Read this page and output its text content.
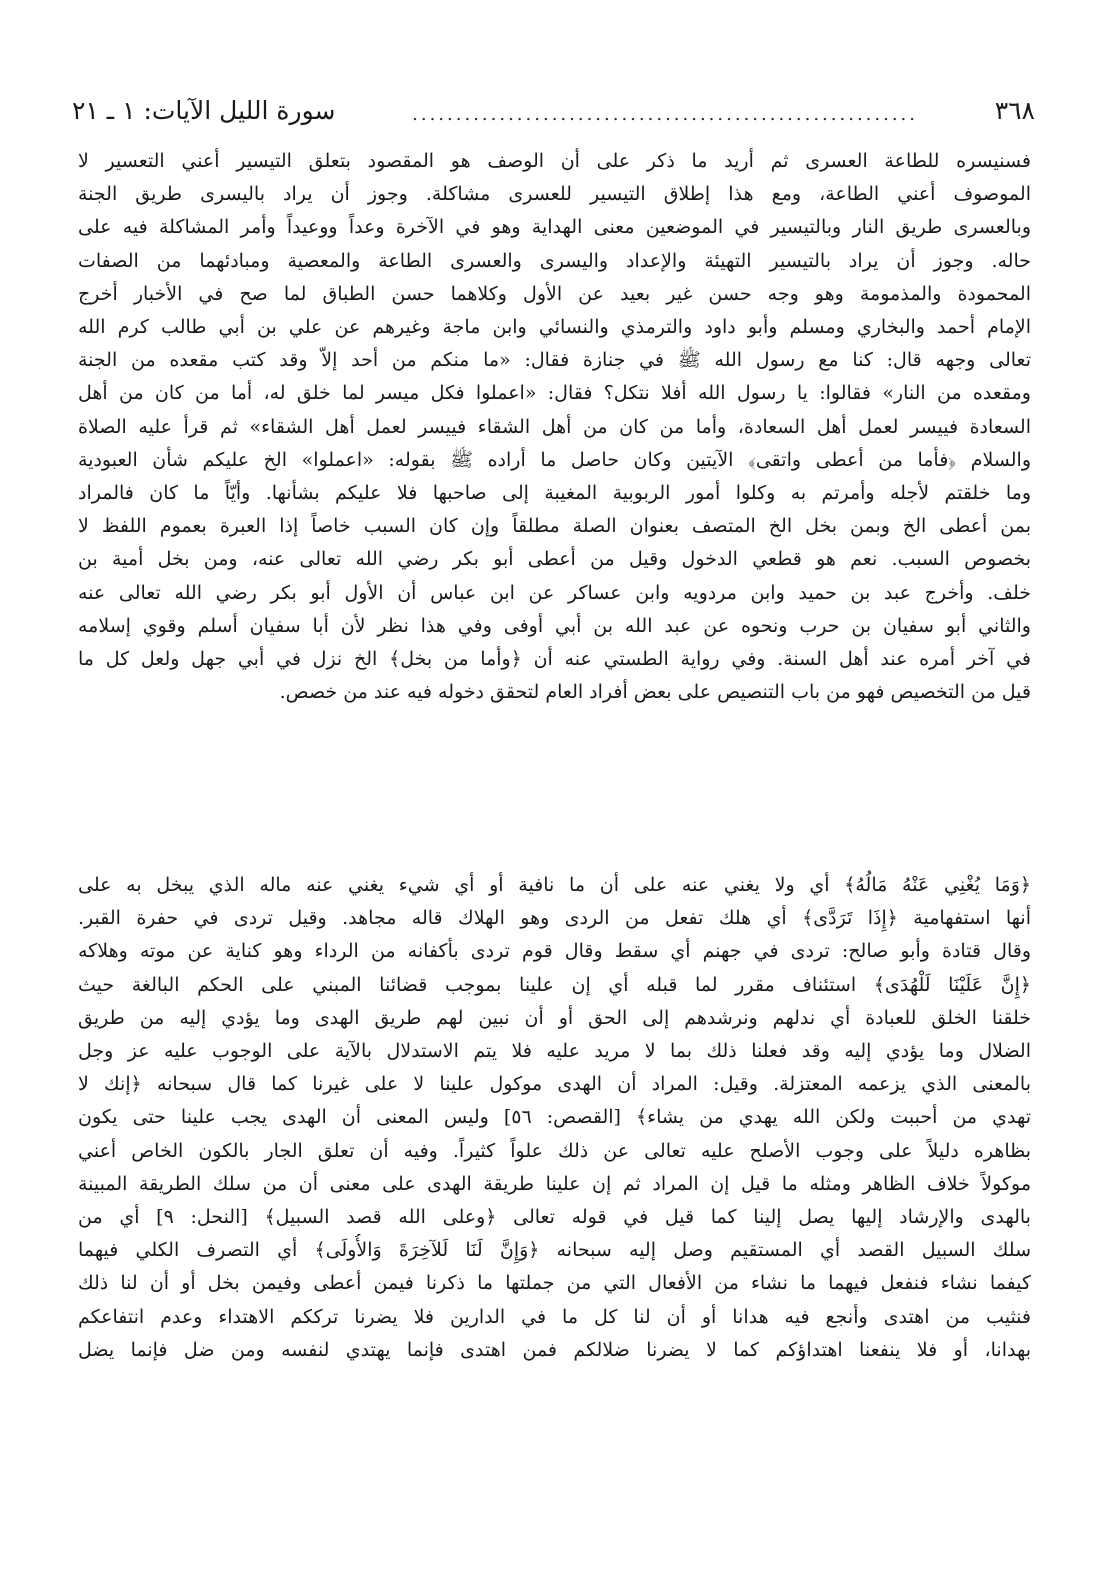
٣٦٨
..........................................................
سورة الليل الآيات: ١ ـ ٢١
فسنيسره للطاعة العسرى ثم أريد ما ذكر على أن الوصف هو المقصود بتعلق التيسير أعني التعسير لا
الموصوف أعني الطاعة، ومع هذا إطلاق التيسير للعسرى مشاكلة. وجوز أن يراد باليسرى طريق الجنة
وبالعسرى طريق النار وبالتيسير في الموضعين معنى الهداية وهو في الآخرة وعداً ووعيداً وأمر المشاكلة فيه على
حاله. وجوز أن يراد بالتيسير التهيئة والإعداد واليسرى والعسرى الطاعة والمعصية ومبادئهما من الصفات
المحمودة والمذمومة وهو وجه حسن غير بعيد عن الأول وكلاهما حسن الطباق لما صح في الأخبار أخرج
الإمام أحمد والبخاري ومسلم وأبو داود والترمذي والنسائي وابن ماجة وغيرهم عن علي بن أبي طالب كرم الله
تعالى وجهه قال: كنا مع رسول الله ﷺ في جنازة فقال: «ما منكم من أحد إلاّ وقد كتب مقعده من الجنة
ومقعده من النار» فقالوا: يا رسول الله أفلا نتكل؟ فقال: «اعملوا فكل ميسر لما خلق له، أما من كان من أهل
السعادة فييسر لعمل أهل السعادة، وأما من كان من أهل الشقاء فييسر لعمل أهل الشقاء» ثم قرأ عليه الصلاة
والسلام ﴿فأما من أعطى واتقى﴾ الآيتين وكان حاصل ما أراده ﷺ بقوله: «اعملوا» الخ عليكم شأن العبودية
وما خلقتم لأجله وأمرتم به وكلوا أمور الربوبية المغيبة إلى صاحبها فلا عليكم بشأنها. وأيّاً ما كان فالمراد
بمن أعطى الخ وبمن بخل الخ المتصف بعنوان الصلة مطلقاً وإن كان السبب خاصاً إذا العبرة بعموم اللفظ لا
بخصوص السبب. نعم هو قطعي الدخول وقيل من أعطى أبو بكر رضي الله تعالى عنه، ومن بخل أمية بن
خلف. وأخرج عبد بن حميد وابن مردويه وابن عساكر عن ابن عباس أن الأول أبو بكر رضي الله تعالى عنه
والثاني أبو سفيان بن حرب ونحوه عن عبد الله بن أبي أوفى وفي هذا نظر لأن أبا سفيان أسلم وقوي إسلامه
في آخر أمره عند أهل السنة. وفي رواية الطستي عنه أن ﴿وأما من بخل﴾ الخ نزل في أبي جهل ولعل كل ما
قيل من التخصيص فهو من باب التنصيص على بعض أفراد العام لتحقق دخوله فيه عند من خصص.
﴿وَمَا يُغْنِي عَنْهُ مَالُهُ﴾ أي ولا يغني عنه على أن ما نافية أو أي شيء يغني عنه ماله الذي يبخل به على
أنها استفهامية ﴿إِذَا تَرَدَّى﴾ أي هلك تفعل من الردى وهو الهلاك قاله مجاهد. وقيل تردى في حفرة القبر.
وقال قتادة وأبو صالح: تردى في جهنم أي سقط وقال قوم تردى بأكفانه من الرداء وهو كناية عن موته وهلاكه
﴿إِنَّ عَلَيْنَا لَلْهُدَى﴾ استئناف مقرر لما قبله أي إن علينا بموجب قضائنا المبني على الحكم البالغة حيث
خلقنا الخلق للعبادة أي ندلهم ونرشدهم إلى الحق أو أن نبين لهم طريق الهدى وما يؤدي إليه من طريق
الضلال وما يؤدي إليه وقد فعلنا ذلك بما لا مريد عليه فلا يتم الاستدلال بالآية على الوجوب عليه عز وجل
بالمعنى الذي يزعمه المعتزلة. وقيل: المراد أن الهدى موكول علينا لا على غيرنا كما قال سبحانه ﴿إنك لا
تهدي من أحببت ولكن الله يهدي من يشاء﴾ [القصص: ٥٦] وليس المعنى أن الهدى يجب علينا حتى يكون
بظاهره دليلاً على وجوب الأصلح عليه تعالى عن ذلك علواً كثيراً. وفيه أن تعلق الجار بالكون الخاص أعني
موكولاً خلاف الظاهر ومثله ما قيل إن المراد ثم إن علينا طريقة الهدى على معنى أن من سلك الطريقة المبينة
بالهدى والإرشاد إليها يصل إلينا كما قيل في قوله تعالى ﴿وعلى الله قصد السبيل﴾ [النحل: ٩] أي من
سلك السبيل القصد أي المستقيم وصل إليه سبحانه ﴿وَإِنَّ لَنَا لَلآخِرَةَ وَالأُولَى﴾ أي التصرف الكلي فيهما
كيفما نشاء فنفعل فيهما ما نشاء من الأفعال التي من جملتها ما ذكرنا فيمن أعطى وفيمن بخل أو أن لنا ذلك
فنثيب من اهتدى وأنجع فيه هدانا أو أن لنا كل ما في الدارين فلا يضرنا ترككم الاهتداء وعدم انتفاعكم
بهدانا، أو فلا ينفعنا اهتداؤكم كما لا يضرنا ضلالكم فمن اهتدى فإنما يهتدي لنفسه ومن ضل فإنما يضل
